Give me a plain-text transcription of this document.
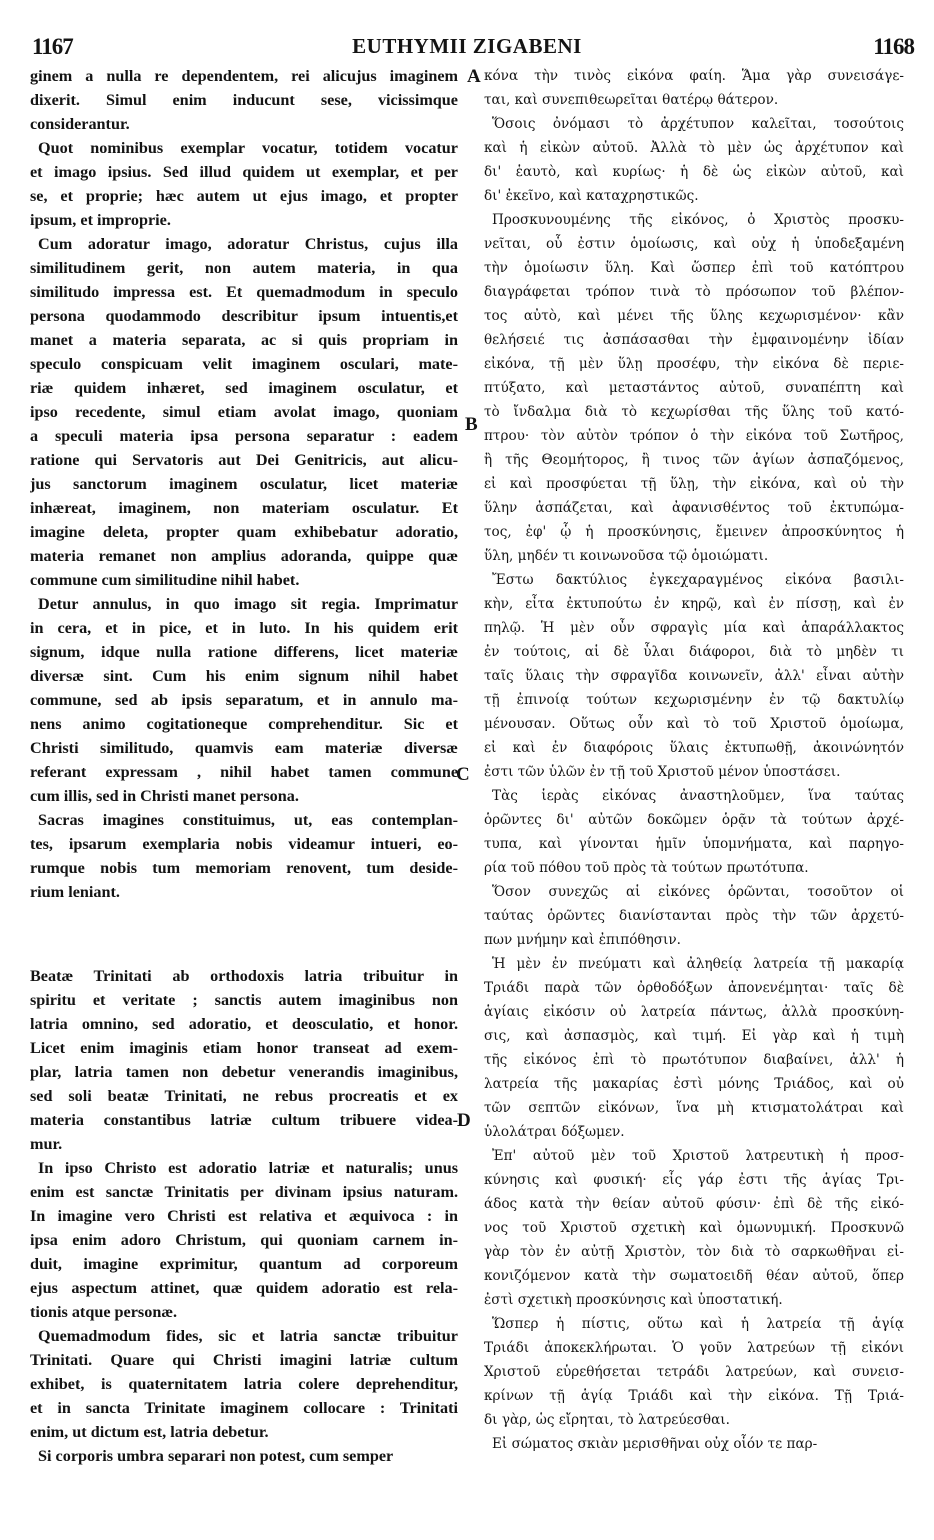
1167	EUTHYMII ZIGABENI	1168
ginem a nulla re dependentem, rei alicujus imaginem
dixerit. Simul enim inducunt sese, vicissimque
considerantur.
Quot nominibus exemplar vocatur, totidem vocatur
et imago ipsius. Sed illud quidem ut exemplar, et per
se, et proprie; hæc autem ut ejus imago, et propter
ipsum, et improprie.
Cum adoratur imago, adoratur Christus, cujus illa
similitudinem gerit, non autem materia, in qua
similitudo impressa est. Et quemadmodum in speculo
persona quodammodo describitur ipsum intuentis,et
manet a materia separata, ac si quis propriam in
speculo conspicuam velit imaginem osculari, mate-
riæ quidem inhæret, sed imaginem osculatur, et
ipso recedente, simul etiam avolat imago, quoniam
a speculi materia ipsa persona separatur : eadem
ratione qui Servatoris aut Dei Genitricis, aut alicu-
jus sanctorum imaginem osculatur, licet materiæ
inhæreat, imaginem, non materiam osculatur. Et
imagine deleta, propter quam exhibebatur adoratio,
materia remanet non amplius adoranda, quippe quæ
commune cum similitudine nihil habet.
Detur annulus, in quo imago sit regia. Imprimatur
in cera, et in pice, et in luto. In his quidem erit
signum, idque nulla ratione differens, licet materiæ
diversæ sint. Cum his enim signum nihil habet
commune, sed ab ipsis separatum, et in annulo ma-
nens animo cogitationeque comprehenditur. Sic et
Christi similitudo, quamvis eam materiæ diversæ
referant expressam , nihil habet tamen commune
cum illis, sed in Christi manet persona.
Sacras imagines constituimus, ut, eas contemplan-
tes, ipsarum exemplaria nobis videamur intueri, eo-
rumque nobis tum memoriam renovent, tum deside-
rium leniant.
Beatæ Trinitati ab orthodoxis latria tribuitur in
spiritu et veritate ; sanctis autem imaginibus non
latria omnino, sed adoratio, et deosculatio, et honor.
Licet enim imaginis etiam honor transeat ad exem-
plar, latria tamen non debetur venerandis imaginibus,
sed soli beatæ Trinitati, ne rebus procreatis et ex
materia constantibus latriæ cultum tribuere videa-
mur.
In ipso Christo est adoratio latriæ et naturalis; unus
enim est sanctæ Trinitatis per divinam ipsius naturam.
In imagine vero Christi est relativa et æquivoca : in
ipsa enim adoro Christum, qui quoniam carnem in-
duit, imagine exprimitur, quantum ad corporeum
ejus aspectum attinet, quæ quidem adoratio est rela-
tionis atque personæ.
Quemadmodum fides, sic et latria sanctæ tribuitur
Trinitati. Quare qui Christi imagini latriæ cultum
exhibet, is quaternitatem latria colere deprehenditur,
et in sancta Trinitate imaginem collocare : Trinitati
enim, ut dictum est, latria debetur.
Si corporis umbra separari non potest, cum semper
κόνα τὴν τινὸς εἰκόνα φαίη. Ἅμα γὰρ συνεισάγε-
ται, καὶ συνεπιθεωρεῖται θατέρῳ θάτερον.
Ὅσοις ὀνόμασι τὸ ἀρχέτυπον καλεῖται, τοσούτοις
καὶ ἡ εἰκὼν αὐτοῦ. Ἀλλὰ τὸ μὲν ὡς ἀρχέτυπον καὶ
δι' ἑαυτὸ, καὶ κυρίως· ἡ δὲ ὡς εἰκὼν αὐτοῦ, καὶ
δι' ἐκεῖνο, καὶ καταχρηστικῶς.
Προσκυνουμένης τῆς εἰκόνος, ὁ Χριστὸς προσκυ-
νεῖται, οὗ ἐστιν ὁμοίωσις, καὶ οὐχ ἡ ὑποδεξαμένη
τὴν ὁμοίωσιν ὕλη. Καὶ ὥσπερ ἐπὶ τοῦ κατόπτρου
διαγράφεται τρόπον τινὰ τὸ πρόσωπον τοῦ βλέπον-
τος αὐτὸ, καὶ μένει τῆς ὕλης κεχωρισμένον· κἂν
θελήσειέ τις ἀσπάσασθαι τὴν ἐμφαινομένην ἰδίαν
εἰκόνα, τῇ μὲν ὕλῃ προσέφυ, τὴν εἰκόνα δὲ περιε-
πτύξατο, καὶ μεταστάντος αὐτοῦ, συναπέπτη καὶ
τὸ ἴνδαλμα διὰ τὸ κεχωρίσθαι τῆς ὕλης τοῦ κατό-
πτρου· τὸν αὐτὸν τρόπον ὁ τὴν εἰκόνα τοῦ Σωτῆρος,
ἢ τῆς Θεομήτορος, ἢ τινος τῶν ἁγίων ἀσπαζόμενος,
εἰ καὶ προσφύεται τῇ ὕλῃ, τὴν εἰκόνα, καὶ οὐ τὴν
ὕλην ἀσπάζεται, καὶ ἀφανισθέντος τοῦ ἐκτυπώμα-
τος, ἐφ' ᾧ ἡ προσκύνησις, ἔμεινεν ἀπροσκύνητος ἡ
ὕλη, μηδέν τι κοινωνοῦσα τῷ ὁμοιώματι.
Ἔστω δακτύλιος ἐγκεχαραγμένος εἰκόνα βασιλι-
κὴν, εἶτα ἐκτυπούτω ἐν κηρῷ, καὶ ἐν πίσσῃ, καὶ ἐν
πηλῷ. Ἡ μὲν οὖν σφραγὶς μία καὶ ἀπαράλλακτος
ἐν τούτοις, αἱ δὲ ὗλαι διάφοροι, διὰ τὸ μηδὲν τι
ταῖς ὕλαις τὴν σφραγῖδα κοινωνεῖν, ἀλλ' εἶναι αὐτὴν
τῇ ἐπινοίᾳ τούτων κεχωρισμένην ἐν τῷ δακτυλίῳ
μένουσαν. Οὕτως οὖν καὶ τὸ τοῦ Χριστοῦ ὁμοίωμα,
εἰ καὶ ἐν διαφόροις ὕλαις ἐκτυπωθῇ, ἀκοινώνητόν
ἐστι τῶν ὑλῶν ἐν τῇ τοῦ Χριστοῦ μένον ὑποστάσει.
Τὰς ἱερὰς εἰκόνας ἀναστηλοῦμεν, ἵνα ταύτας
ὁρῶντες δι' αὐτῶν δοκῶμεν ὁρᾷν τὰ τούτων ἀρχέ-
τυπα, καὶ γίνονται ἡμῖν ὑπομνήματα, καὶ παρηγο-
ρία τοῦ πόθου τοῦ πρὸς τὰ τούτων πρωτότυπα.
Ὅσον συνεχῶς αἱ εἰκόνες ὁρῶνται, τοσοῦτον οἱ
ταύτας ὁρῶντες διανίστανται πρὸς τὴν τῶν ἀρχετύ-
πων μνήμην καὶ ἐπιπόθησιν.
Ἡ μὲν ἐν πνεύματι καὶ ἀληθείᾳ λατρεία τῇ μακαρίᾳ
Τριάδι παρὰ τῶν ὀρθοδόξων ἀπονενέμηται· ταῖς δὲ
ἁγίαις εἰκόσιν οὐ λατρεία πάντως, ἀλλὰ προσκύνη-
σις, καὶ ἀσπασμὸς, καὶ τιμή. Εἰ γὰρ καὶ ἡ τιμὴ
τῆς εἰκόνος ἐπὶ τὸ πρωτότυπον διαβαίνει, ἀλλ' ἡ
λατρεία τῆς μακαρίας ἐστὶ μόνης Τριάδος, καὶ οὐ
τῶν σεπτῶν εἰκόνων, ἵνα μὴ κτισματολάτραι καὶ
ὑλολάτραι δόξωμεν.
Ἐπ' αὐτοῦ μὲν τοῦ Χριστοῦ λατρευτικὴ ἡ προσ-
κύνησις καὶ φυσική· εἷς γάρ ἐστι τῆς ἁγίας Τρι-
άδος κατὰ τὴν θείαν αὐτοῦ φύσιν· ἐπὶ δὲ τῆς εἰκό-
νος τοῦ Χριστοῦ σχετικὴ καὶ ὁμωνυμική. Προσκυνῶ
γὰρ τὸν ἐν αὐτῇ Χριστὸν, τὸν διὰ τὸ σαρκωθῆναι εἰ-
κονιζόμενον κατὰ τὴν σωματοειδῆ θέαν αὐτοῦ, ὅπερ
ἐστὶ σχετικὴ προσκύνησις καὶ ὑποστατική.
Ὥσπερ ἡ πίστις, οὕτω καὶ ἡ λατρεία τῇ ἁγίᾳ
Τριάδι ἀποκεκλήρωται. Ὁ γοῦν λατρεύων τῇ εἰκόνι
Χριστοῦ εὑρεθήσεται τετράδι λατρεύων, καὶ συνεισ-
κρίνων τῇ ἁγίᾳ Τριάδι καὶ τὴν εἰκόνα. Τῇ Τριά-
δι γὰρ, ὡς εἴρηται, τὸ λατρεύεσθαι.
Εἰ σώματος σκιὰν μερισθῆναι οὐχ οἷόν τε παρ-
A
B
C
D
